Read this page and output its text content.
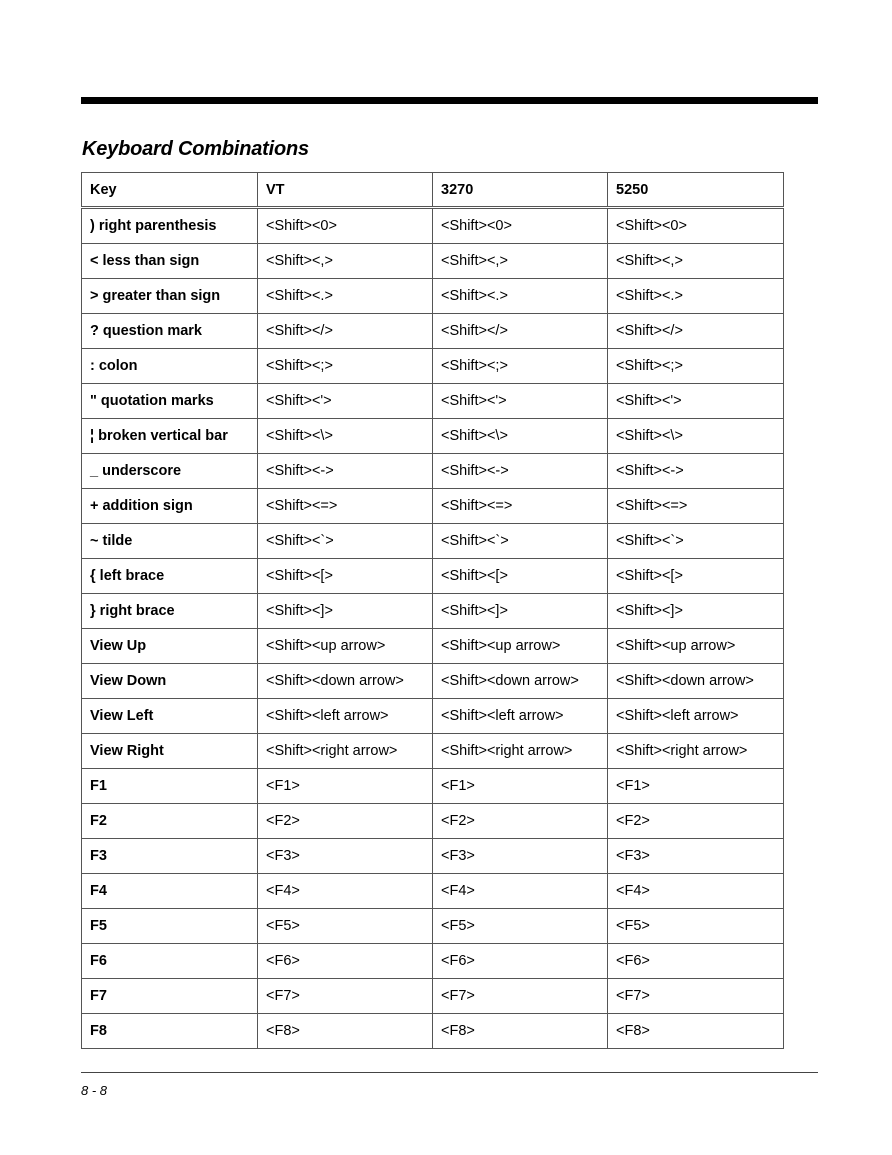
Keyboard Combinations
Key	VT	3270	5250
) right parenthesis	<Shift><0>	<Shift><0>	<Shift><0>
< less than sign	<Shift><,>	<Shift><,>	<Shift><,>
> greater than sign	<Shift><.>	<Shift><.>	<Shift><.>
? question mark	<Shift></>	<Shift></>	<Shift></>
: colon	<Shift><;>	<Shift><;>	<Shift><;>
" quotation marks	<Shift><'>	<Shift><'>	<Shift><'>
¦ broken vertical bar	<Shift><\>	<Shift><\>	<Shift><\>
_ underscore	<Shift><->	<Shift><->	<Shift><->
+ addition sign	<Shift><=>	<Shift><=>	<Shift><=>
~ tilde	<Shift><`>	<Shift><`>	<Shift><`>
{ left brace	<Shift><[>	<Shift><[>	<Shift><[>
} right brace	<Shift><]>	<Shift><]>	<Shift><]>
View Up	<Shift><up arrow>	<Shift><up arrow>	<Shift><up arrow>
View Down	<Shift><down arrow>	<Shift><down arrow>	<Shift><down arrow>
View Left	<Shift><left arrow>	<Shift><left arrow>	<Shift><left arrow>
View Right	<Shift><right arrow>	<Shift><right arrow>	<Shift><right arrow>
F1	<F1>	<F1>	<F1>
F2	<F2>	<F2>	<F2>
F3	<F3>	<F3>	<F3>
F4	<F4>	<F4>	<F4>
F5	<F5>	<F5>	<F5>
F6	<F6>	<F6>	<F6>
F7	<F7>	<F7>	<F7>
F8	<F8>	<F8>	<F8>
8 - 8
